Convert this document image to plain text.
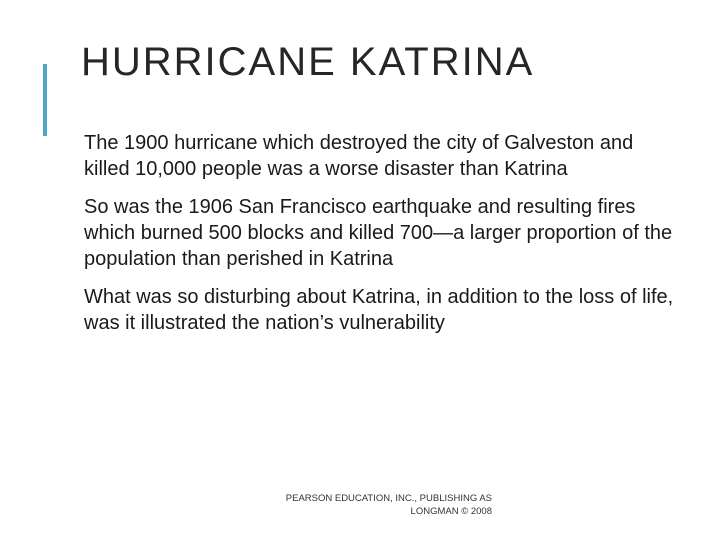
HURRICANE KATRINA
The 1900 hurricane which destroyed the city of Galveston and killed 10,000 people was a worse disaster than Katrina
So was the 1906 San Francisco earthquake and resulting fires which burned 500 blocks and killed 700—a larger proportion of the population than perished in Katrina
What was so disturbing about Katrina, in addition to the loss of life, was it illustrated the nation’s vulnerability
PEARSON EDUCATION, INC., PUBLISHING AS
LONGMAN © 2008
